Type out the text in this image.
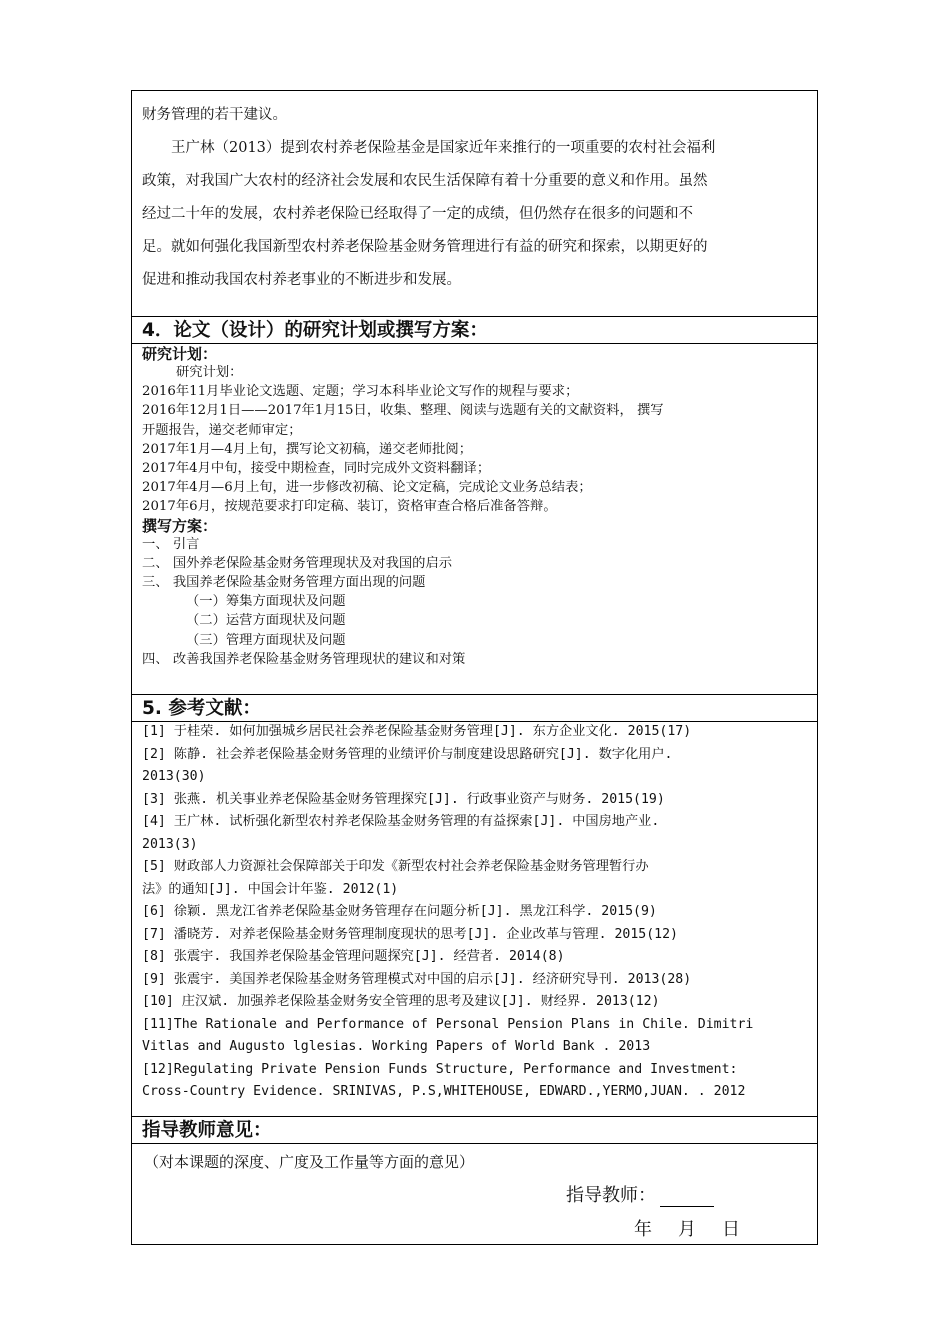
财务管理的若干建议。

王广林（2013）提到农村养老保险基金是国家近年来推行的一项重要的农村社会福利

政策，对我国广大农村的经济社会发展和农民生活保障有着十分重要的意义和作用。虽然

经过二十年的发展，农村养老保险已经取得了一定的成绩，但仍然存在很多的问题和不

足。就如何强化我国新型农村养老保险基金财务管理进行有益的研究和探索，以期更好的

促进和推动我国农村养老事业的不断进步和发展。

4．论文（设计）的研究计划或撰写方案：
研究计划：
研究计划：
2016年11月毕业论文选题、定题；学习本科毕业论文写作的规程与要求；
2016年12月1日——2017年1月15日，收集、整理、阅读与选题有关的文献资料， 撰写
开题报告，递交老师审定；
2017年1月—4月上旬，撰写论文初稿，递交老师批阅；
2017年4月中旬，接受中期检查，同时完成外文资料翻译；
2017年4月—6月上旬，进一步修改初稿、论文定稿，完成论文业务总结表；
2017年6月，按规范要求打印定稿、装订，资格审查合格后准备答辩。
撰写方案：
一、 引言
二、 国外养老保险基金财务管理现状及对我国的启示
三、 我国养老保险基金财务管理方面出现的问题
（一）筹集方面现状及问题
（二）运营方面现状及问题
（三）管理方面现状及问题
四、 改善我国养老保险基金财务管理现状的建议和对策
5. 参考文献：
[1] 于桂荣. 如何加强城乡居民社会养老保险基金财务管理[J]. 东方企业文化. 2015(17)
[2] 陈静. 社会养老保险基金财务管理的业绩评价与制度建设思路研究[J]. 数字化用户.
2013(30)
[3] 张燕. 机关事业养老保险基金财务管理探究[J]. 行政事业资产与财务. 2015(19)
[4] 王广林. 试析强化新型农村养老保险基金财务管理的有益探索[J]. 中国房地产业.
2013(3)
[5] 财政部人力资源社会保障部关于印发《新型农村社会养老保险基金财务管理暂行办
法》的通知[J]. 中国会计年鉴. 2012(1)
[6] 徐颖. 黑龙江省养老保险基金财务管理存在问题分析[J]. 黑龙江科学. 2015(9)
[7] 潘晓芳. 对养老保险基金财务管理制度现状的思考[J]. 企业改革与管理. 2015(12)
[8] 张震宇. 我国养老保险基金管理问题探究[J]. 经营者. 2014(8)
[9] 张震宇. 美国养老保险基金财务管理模式对中国的启示[J]. 经济研究导刊. 2013(28)
[10] 庄汉斌. 加强养老保险基金财务安全管理的思考及建议[J]. 财经界. 2013(12)
[11]The Rationale and Performance of Personal Pension Plans in Chile. Dimitri
Vitlas and Augusto lglesias. Working Papers of World Bank . 2013
[12]Regulating Private Pension Funds Structure, Performance and Investment:
Cross-Country Evidence. SRINIVAS, P.S,WHITEHOUSE, EDWARD.,YERMO,JUAN. . 2012
指导教师意见：
（对本课题的深度、广度及工作量等方面的意见）
指导教师：
年 月 日
